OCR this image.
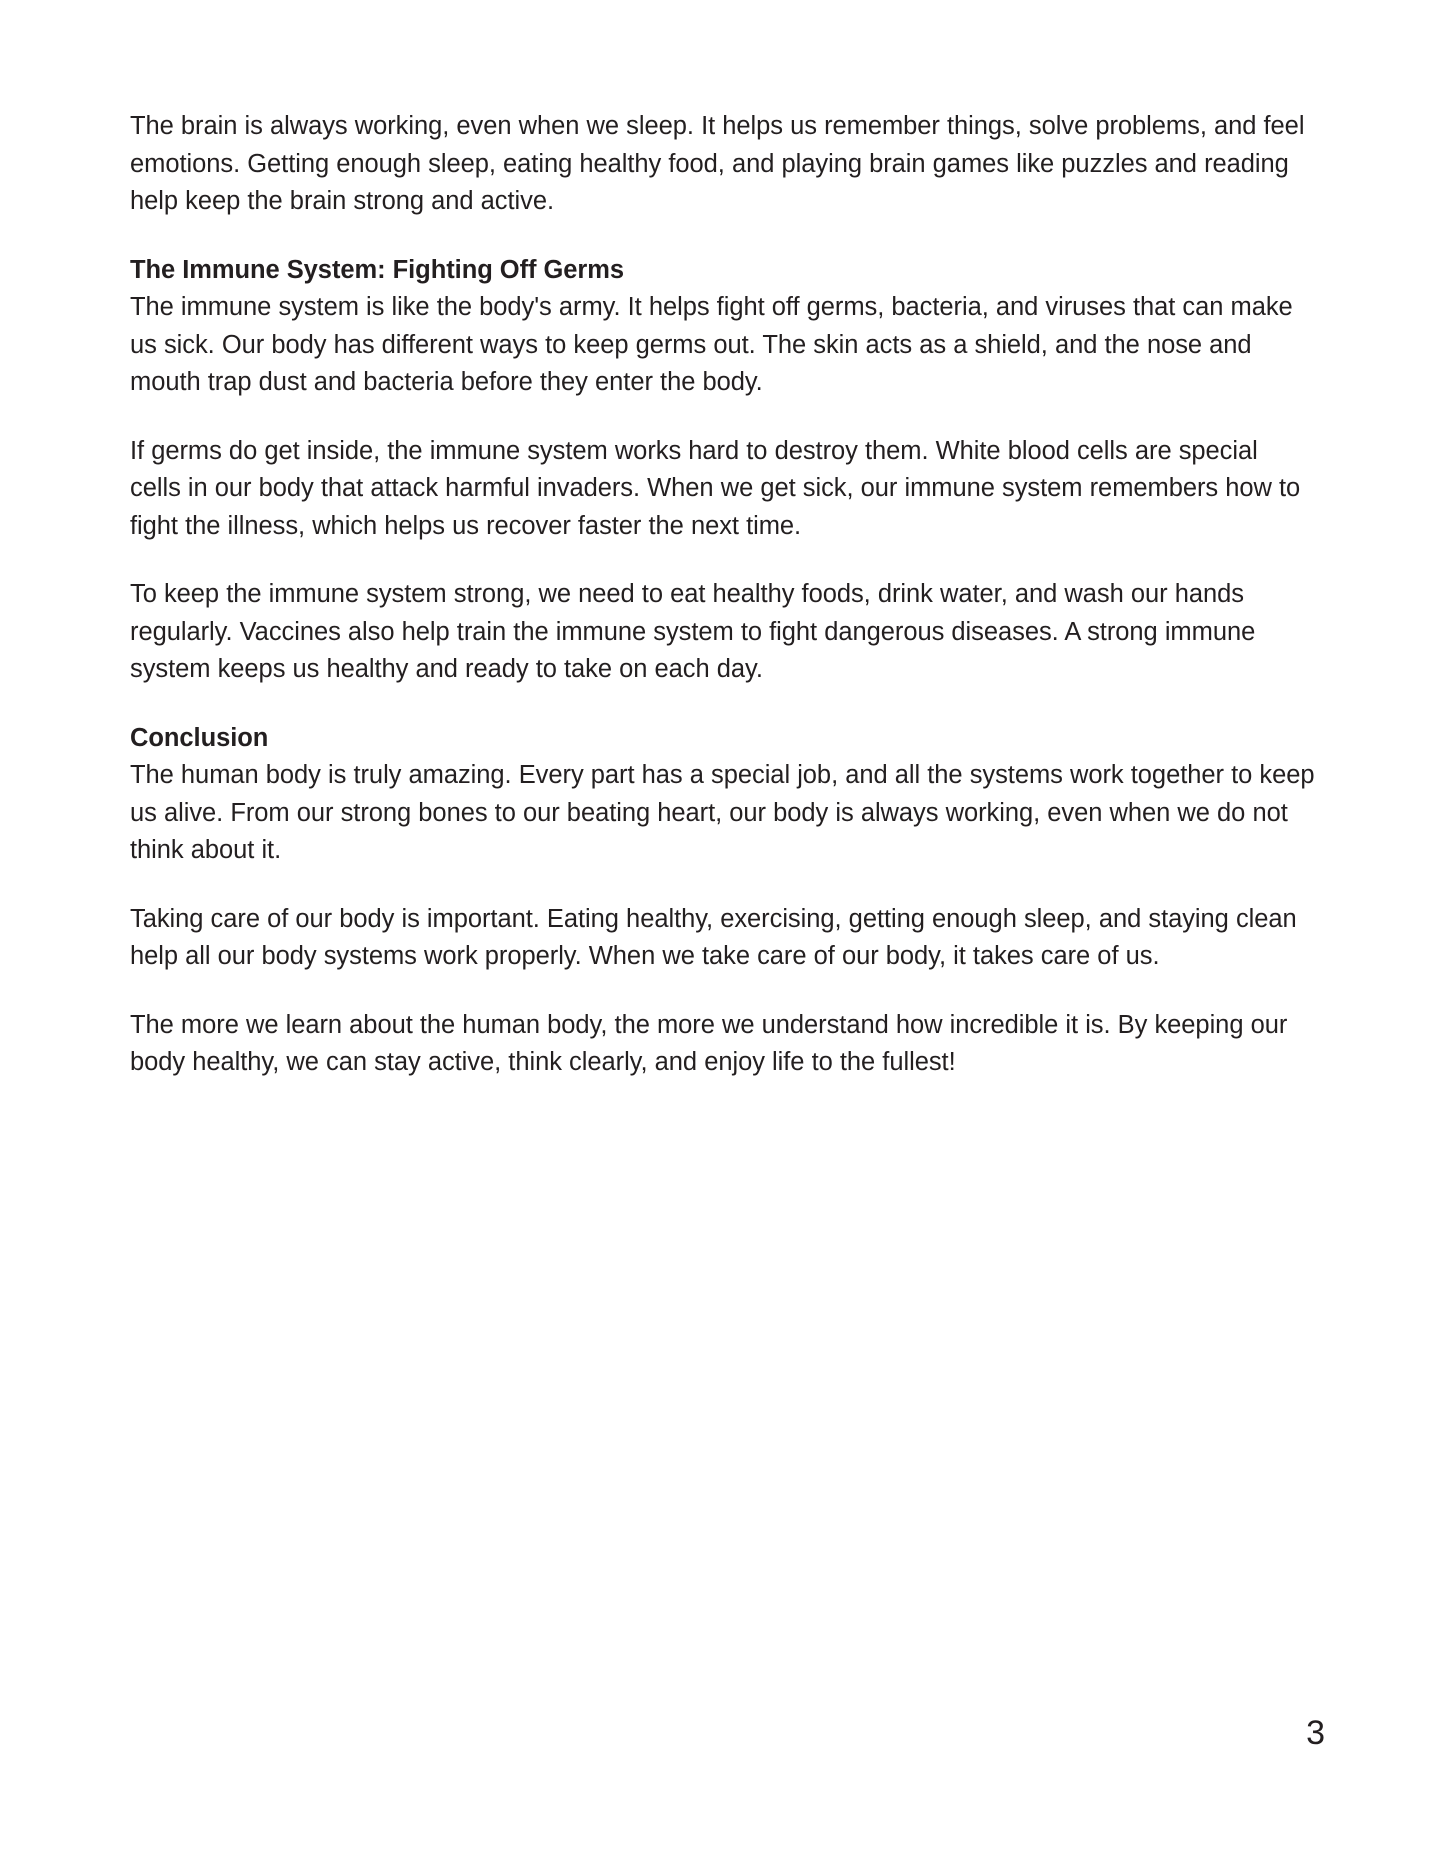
The brain is always working, even when we sleep. It helps us remember things, solve problems, and feel emotions. Getting enough sleep, eating healthy food, and playing brain games like puzzles and reading help keep the brain strong and active.

The Immune System: Fighting Off Germs

The immune system is like the body's army. It helps fight off germs, bacteria, and viruses that can make us sick. Our body has different ways to keep germs out. The skin acts as a shield, and the nose and mouth trap dust and bacteria before they enter the body.

If germs do get inside, the immune system works hard to destroy them. White blood cells are special cells in our body that attack harmful invaders. When we get sick, our immune system remembers how to fight the illness, which helps us recover faster the next time.

To keep the immune system strong, we need to eat healthy foods, drink water, and wash our hands regularly. Vaccines also help train the immune system to fight dangerous diseases. A strong immune system keeps us healthy and ready to take on each day.

Conclusion

The human body is truly amazing. Every part has a special job, and all the systems work together to keep us alive. From our strong bones to our beating heart, our body is always working, even when we do not think about it.

Taking care of our body is important. Eating healthy, exercising, getting enough sleep, and staying clean help all our body systems work properly. When we take care of our body, it takes care of us.

The more we learn about the human body, the more we understand how incredible it is. By keeping our body healthy, we can stay active, think clearly, and enjoy life to the fullest!

3
